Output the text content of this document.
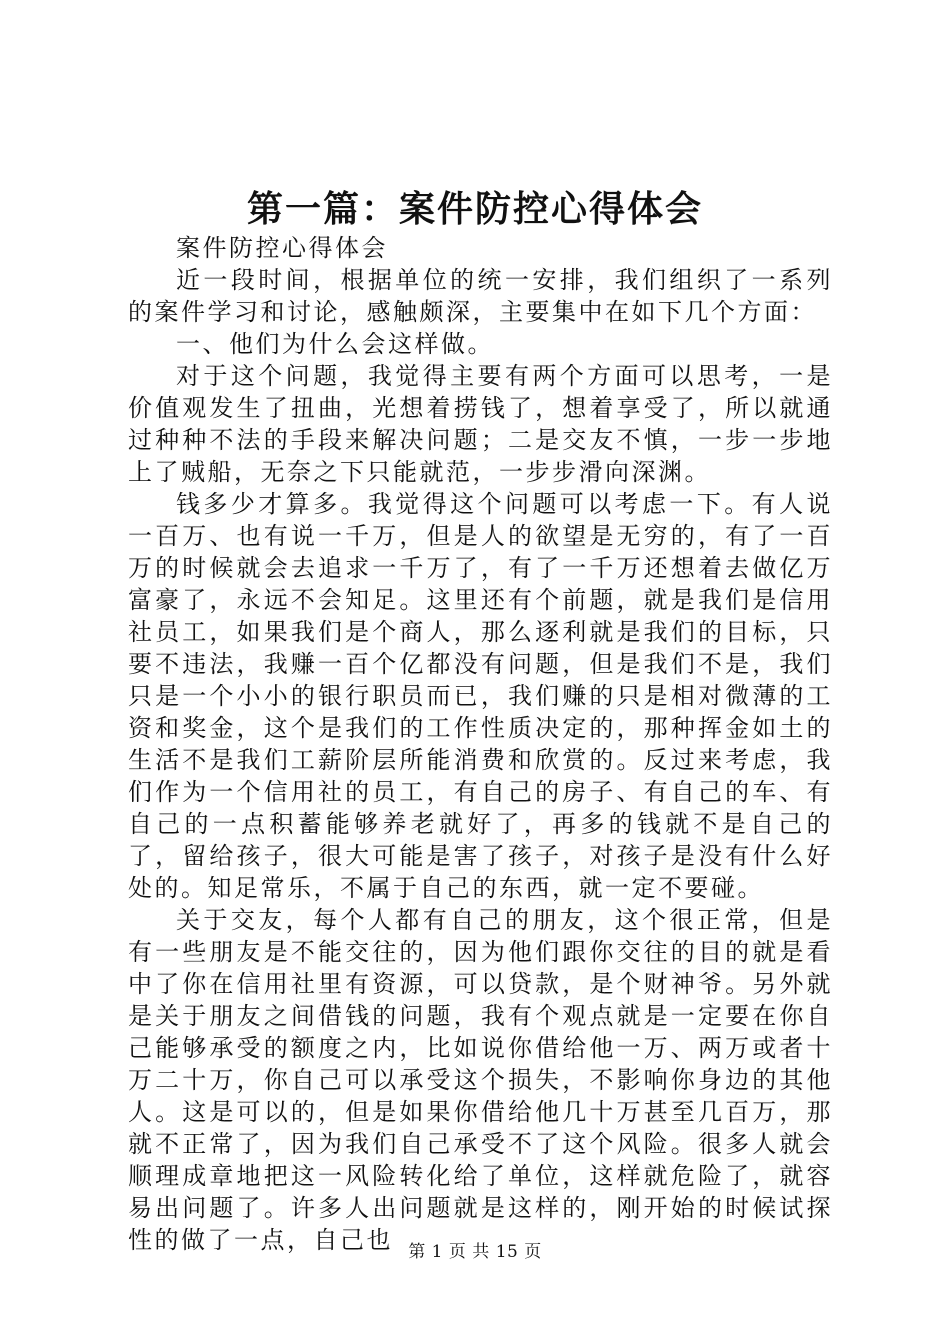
第一篇：案件防控心得体会

案件防控心得体会

近一段时间，根据单位的统一安排，我们组织了一系列的案件学习和讨论，感触颇深，主要集中在如下几个方面：

一、他们为什么会这样做。

对于这个问题，我觉得主要有两个方面可以思考，一是价值观发生了扭曲，光想着捞钱了，想着享受了，所以就通过种种不法的手段来解决问题；二是交友不慎，一步一步地上了贼船，无奈之下只能就范，一步步滑向深渊。

钱多少才算多。我觉得这个问题可以考虑一下。有人说一百万、也有说一千万，但是人的欲望是无穷的，有了一百万的时候就会去追求一千万了，有了一千万还想着去做亿万富豪了，永远不会知足。这里还有个前题，就是我们是信用社员工，如果我们是个商人，那么逐利就是我们的目标，只要不违法，我赚一百个亿都没有问题，但是我们不是，我们只是一个小小的银行职员而已，我们赚的只是相对微薄的工资和奖金，这个是我们的工作性质决定的，那种挥金如土的生活不是我们工薪阶层所能消费和欣赏的。反过来考虑，我们作为一个信用社的员工，有自己的房子、有自己的车、有自己的一点积蓄能够养老就好了，再多的钱就不是自己的了，留给孩子，很大可能是害了孩子，对孩子是没有什么好处的。知足常乐，不属于自己的东西，就一定不要碰。

关于交友，每个人都有自己的朋友，这个很正常，但是有一些朋友是不能交往的，因为他们跟你交往的目的就是看中了你在信用社里有资源，可以贷款，是个财神爷。另外就是关于朋友之间借钱的问题，我有个观点就是一定要在你自己能够承受的额度之内，比如说你借给他一万、两万或者十万二十万，你自己可以承受这个损失，不影响你身边的其他人。这是可以的，但是如果你借给他几十万甚至几百万，那就不正常了，因为我们自己承受不了这个风险。很多人就会顺理成章地把这一风险转化给了单位，这样就危险了，就容易出问题了。许多人出问题就是这样的，刚开始的时候试探性的做了一点，自己也 第 1 页 共 15 页
